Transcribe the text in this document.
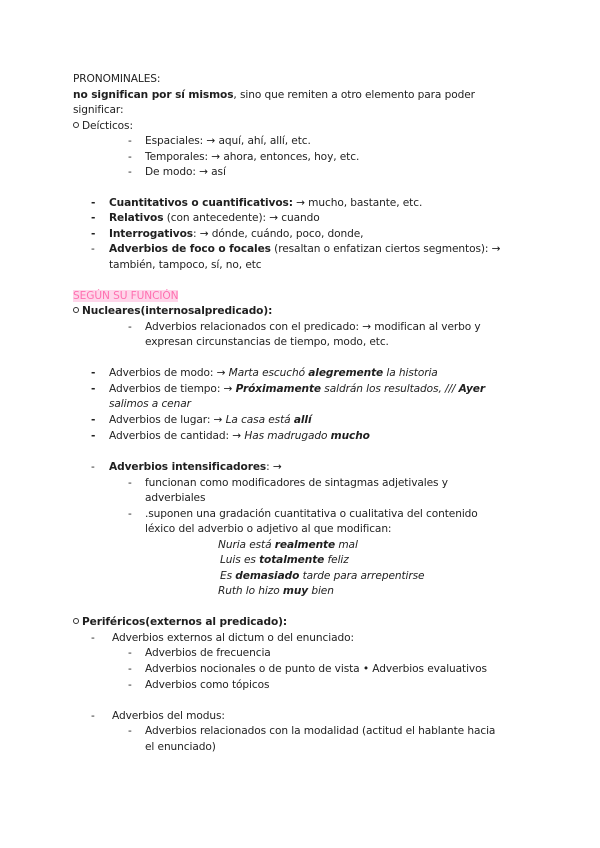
PRONOMINALES:
no significan por sí mismos, sino que remiten a otro elemento para poder
significar:
Deícticos:
- Espaciales: → aquí, ahí, allí, etc.
- Temporales: → ahora, entonces, hoy, etc.
- De modo: → así
- Cuantitativos o cuantificativos: → mucho, bastante, etc.
- Relativos (con antecedente): → cuando
- Interrogativos: → dónde, cuándo, poco, donde,
- Adverbios de foco o focales (resaltan o enfatizan ciertos segmentos): →
también, tampoco, sí, no, etc
SEGÚN SU FUNCIÓN
Nucleares(internosalpredicado):
- Adverbios relacionados con el predicado: → modifican al verbo y
expresan circunstancias de tiempo, modo, etc.
- Adverbios de modo: → Marta escuchó alegremente la historia
- Adverbios de tiempo: → Próximamente saldrán los resultados, /// Ayer
salimos a cenar
- Adverbios de lugar: → La casa está allí
- Adverbios de cantidad: → Has madrugado mucho
- Adverbios intensificadores: →
- funcionan como modificadores de sintagmas adjetivales y
adverbiales
- .suponen una gradación cuantitativa o cualitativa del contenido
léxico del adverbio o adjetivo al que modifican:
Nuria está realmente mal
Luis es totalmente feliz
Es demasiado tarde para arrepentirse
Ruth lo hizo muy bien
Periféricos(externos al predicado):
- Adverbios externos al dictum o del enunciado:
- Adverbios de frecuencia
- Adverbios nocionales o de punto de vista • Adverbios evaluativos
- Adverbios como tópicos
- Adverbios del modus:
- Adverbios relacionados con la modalidad (actitud el hablante hacia
el enunciado)
